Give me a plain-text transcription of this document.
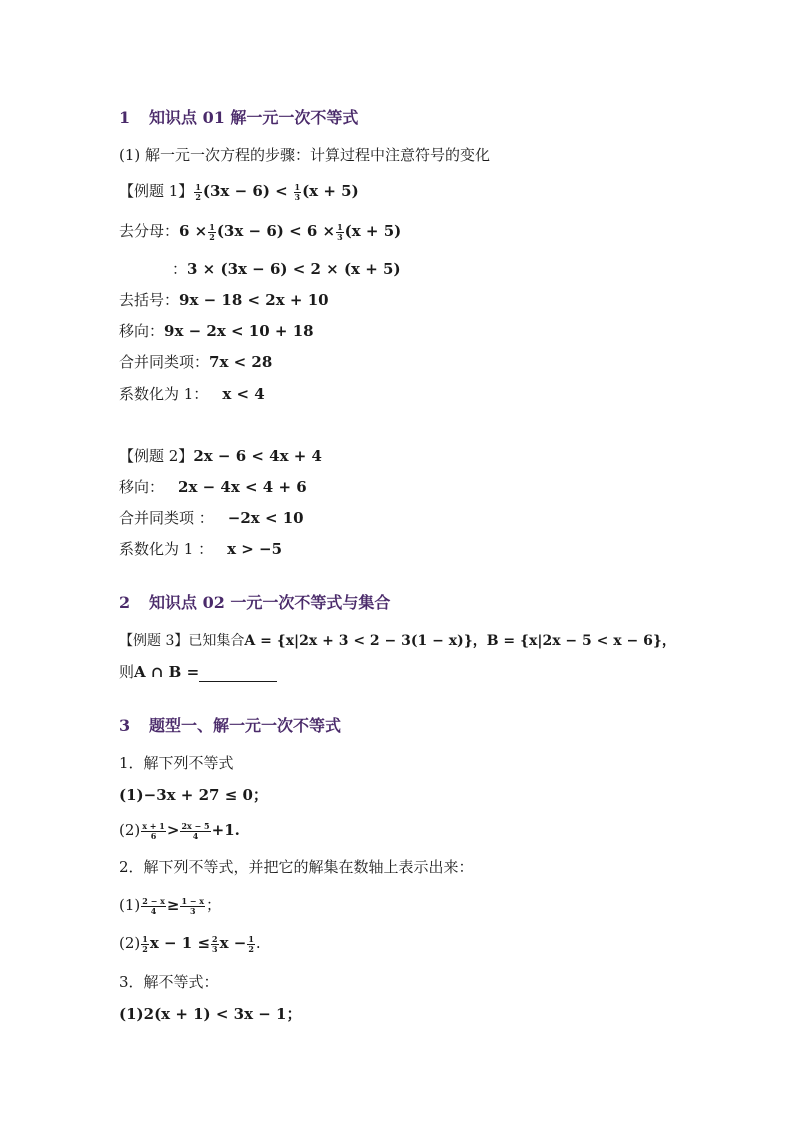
1 知识点 01 解一元一次不等式
(1) 解一元一次方程的步骤：计算过程中注意符号的变化
【例题 1】 $\frac{1}{2} (3x - 6) < \frac{1}{3} (x + 5)$
去分母：$6 \times \frac{1}{2} (3x - 6) < 6 \times \frac{1}{3} (x + 5)$
：3 × (3x − 6) < 2 × (x + 5)
去括号：9x − 18 < 2x + 10
移向：9x − 2x < 10 + 18
合并同类项：7x < 28
系数化为 1： x < 4
【例题 2】2x − 6 < 4x + 4
移向： 2x − 4x < 4 + 6
合并同类项 ： −2x < 10
系数化为 1 ： x > −5
2 知识点 02 一元一次不等式与集合
【例题 3】已知集合A = {x|2x + 3 < 2 − 3(1 − x)}，B = {x|2x − 5 < x − 6}，
则A ∩ B =
3 题型一、解一元一次不等式
1．解下列不等式
(1)−3x + 27 ≤ 0；
$(2) \frac{x + 1}{6} > \frac{2x - 5}{4} +1$.
2．解下列不等式，并把它的解集在数轴上表示出来：
$(1) \frac{2 - x}{4} \ge \frac{1 - x}{3}$ ；
$(2) \frac{1}{2}$ $x - 1 \le \frac{2}{3}$ $x - \frac{1}{2}$ .
3．解不等式：
(1)2(x + 1) < 3x − 1；
